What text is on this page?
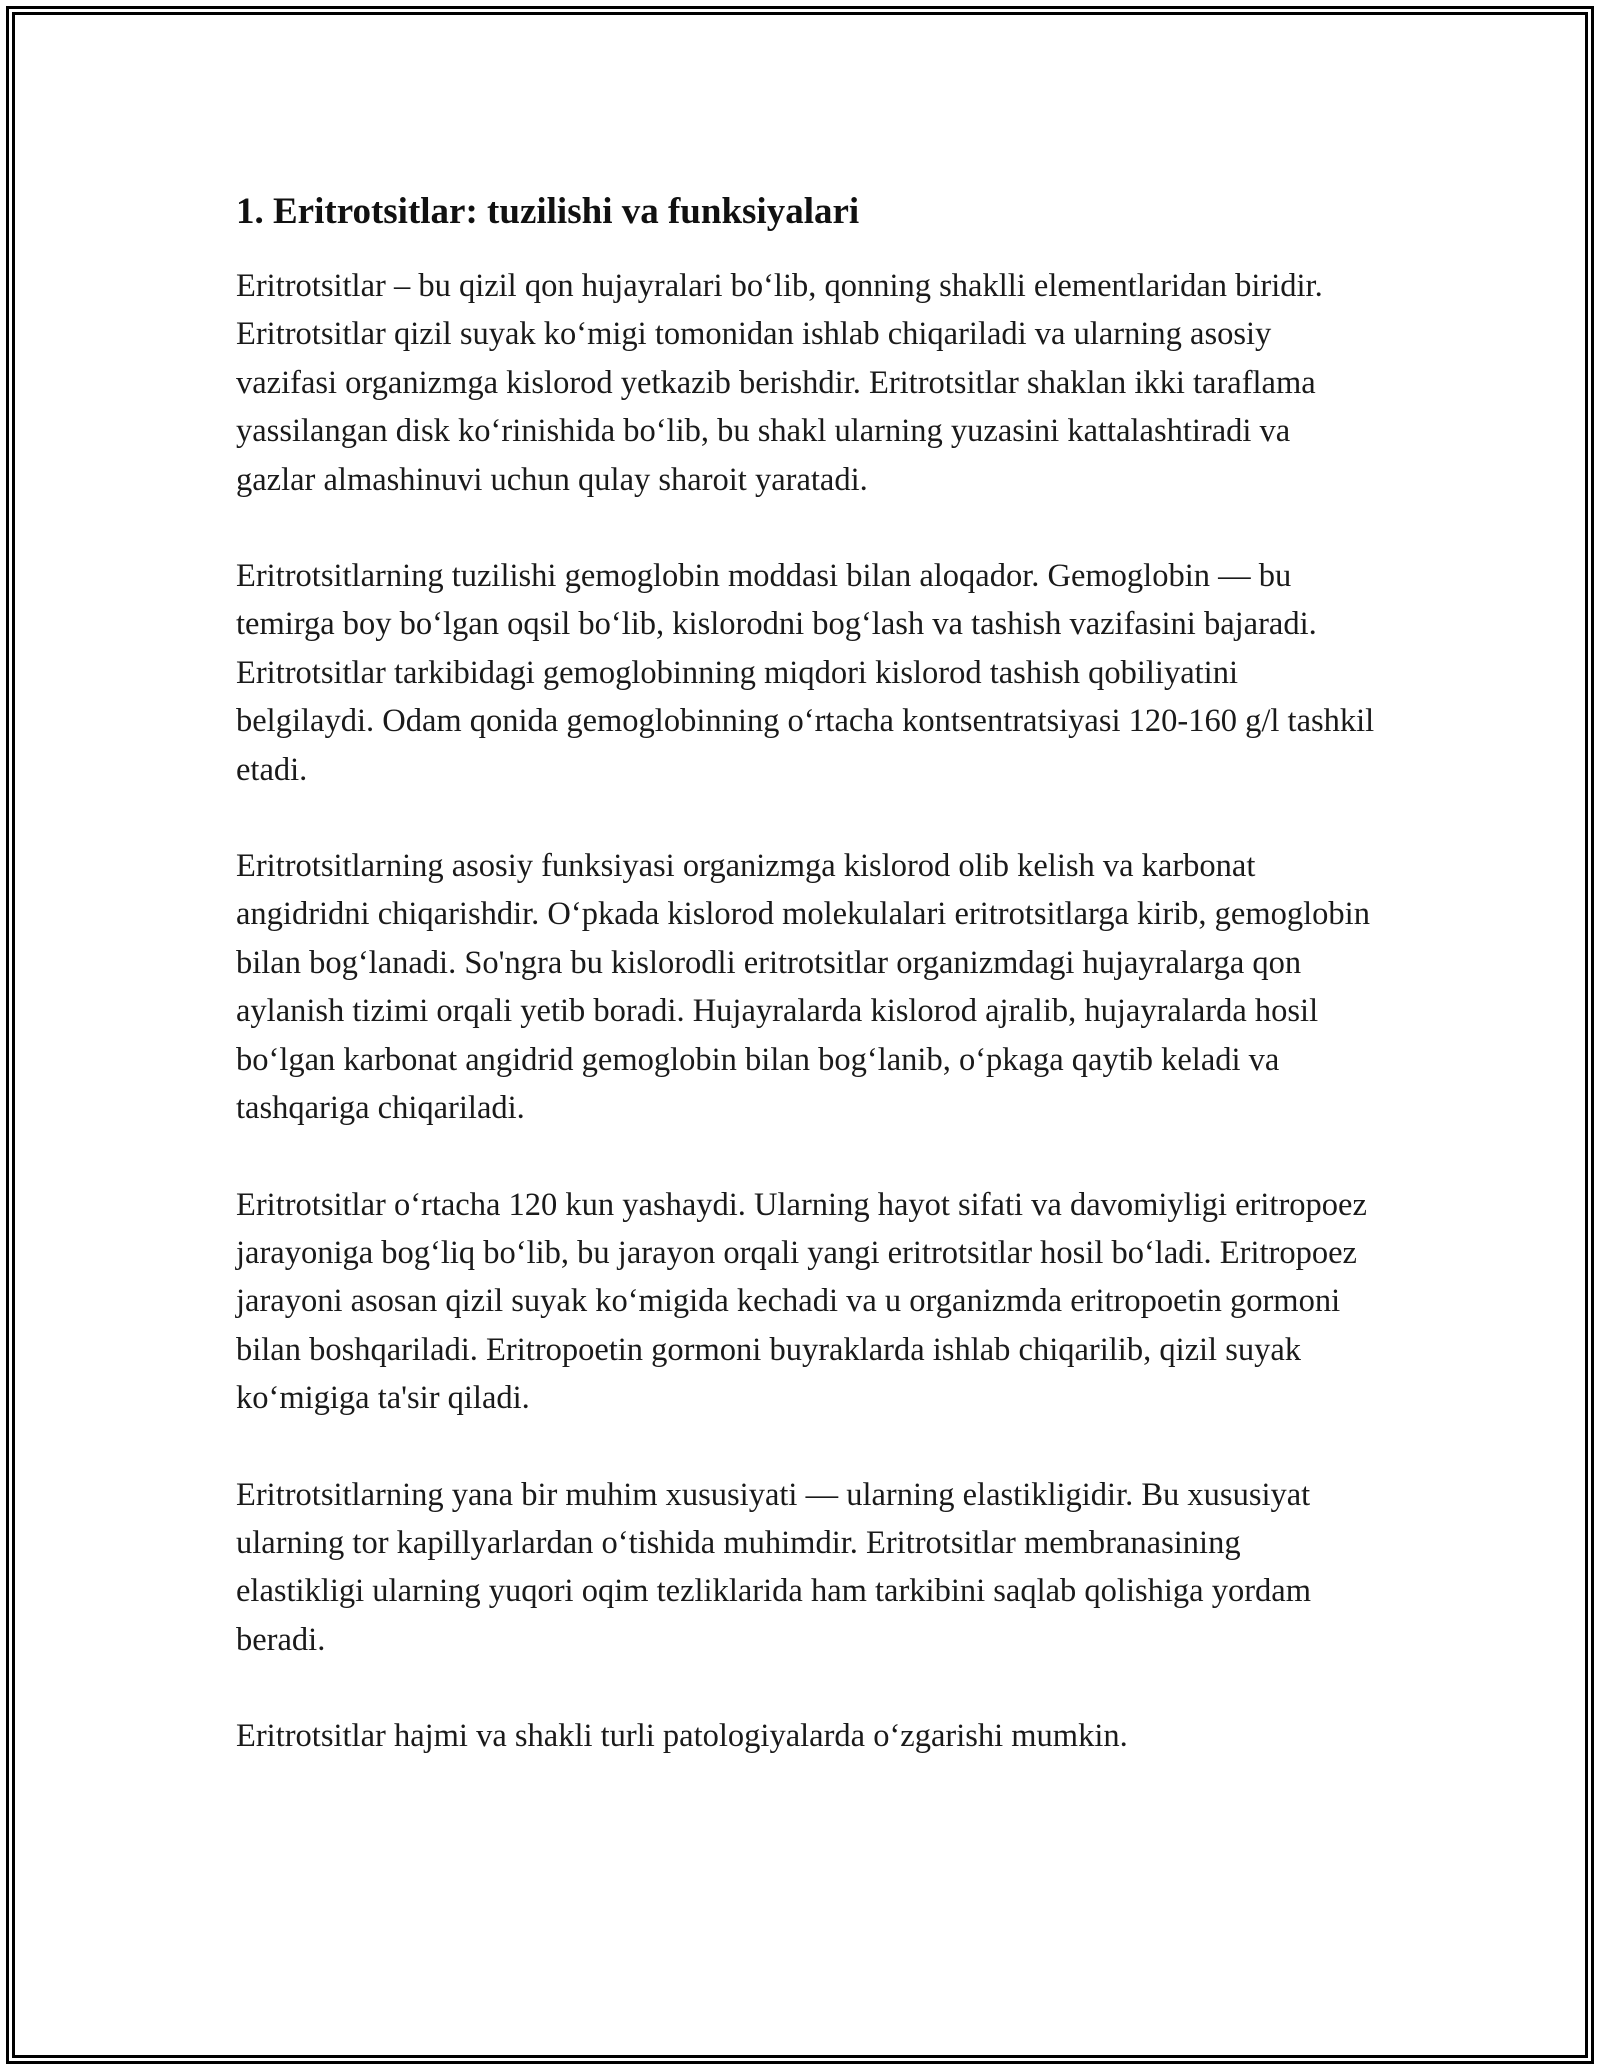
1. Eritrotsitlar: tuzilishi va funksiyalari

Eritrotsitlar – bu qizil qon hujayralari bo‘lib, qonning shaklli elementlaridan biridir. Eritrotsitlar qizil suyak ko‘migi tomonidan ishlab chiqariladi va ularning asosiy vazifasi organizmga kislorod yetkazib berishdir. Eritrotsitlar shaklan ikki taraflama yassilangan disk ko‘rinishida bo‘lib, bu shakl ularning yuzasini kattalashtiradi va gazlar almashinuvi uchun qulay sharoit yaratadi.

Eritrotsitlarning tuzilishi gemoglobin moddasi bilan aloqador. Gemoglobin — bu temirga boy bo‘lgan oqsil bo‘lib, kislorodni bog‘lash va tashish vazifasini bajaradi. Eritrotsitlar tarkibidagi gemoglobinning miqdori kislorod tashish qobiliyatini belgilaydi. Odam qonida gemoglobinning o‘rtacha kontsentratsiyasi 120-160 g/l tashkil etadi.

Eritrotsitlarning asosiy funksiyasi organizmga kislorod olib kelish va karbonat angidridni chiqarishdir. O‘pkada kislorod molekulalari eritrotsitlarga kirib, gemoglobin bilan bog‘lanadi. So'ngra bu kislorodli eritrotsitlar organizmdagi hujayralarga qon aylanish tizimi orqali yetib boradi. Hujayralarda kislorod ajralib, hujayralarda hosil bo‘lgan karbonat angidrid gemoglobin bilan bog‘lanib, o‘pkaga qaytib keladi va tashqariga chiqariladi.

Eritrotsitlar o‘rtacha 120 kun yashaydi. Ularning hayot sifati va davomiyligi eritropoez jarayoniga bog‘liq bo‘lib, bu jarayon orqali yangi eritrotsitlar hosil bo‘ladi. Eritropoez jarayoni asosan qizil suyak ko‘migida kechadi va u organizmda eritropoetin gormoni bilan boshqariladi. Eritropoetin gormoni buyraklarda ishlab chiqarilib, qizil suyak ko‘migiga ta'sir qiladi.

Eritrotsitlarning yana bir muhim xususiyati — ularning elastikligidir. Bu xususiyat ularning tor kapillyarlardan o‘tishida muhimdir. Eritrotsitlar membranasining elastikligi ularning yuqori oqim tezliklarida ham tarkibini saqlab qolishiga yordam beradi.

Eritrotsitlar hajmi va shakli turli patologiyalarda o‘zgarishi mumkin.
